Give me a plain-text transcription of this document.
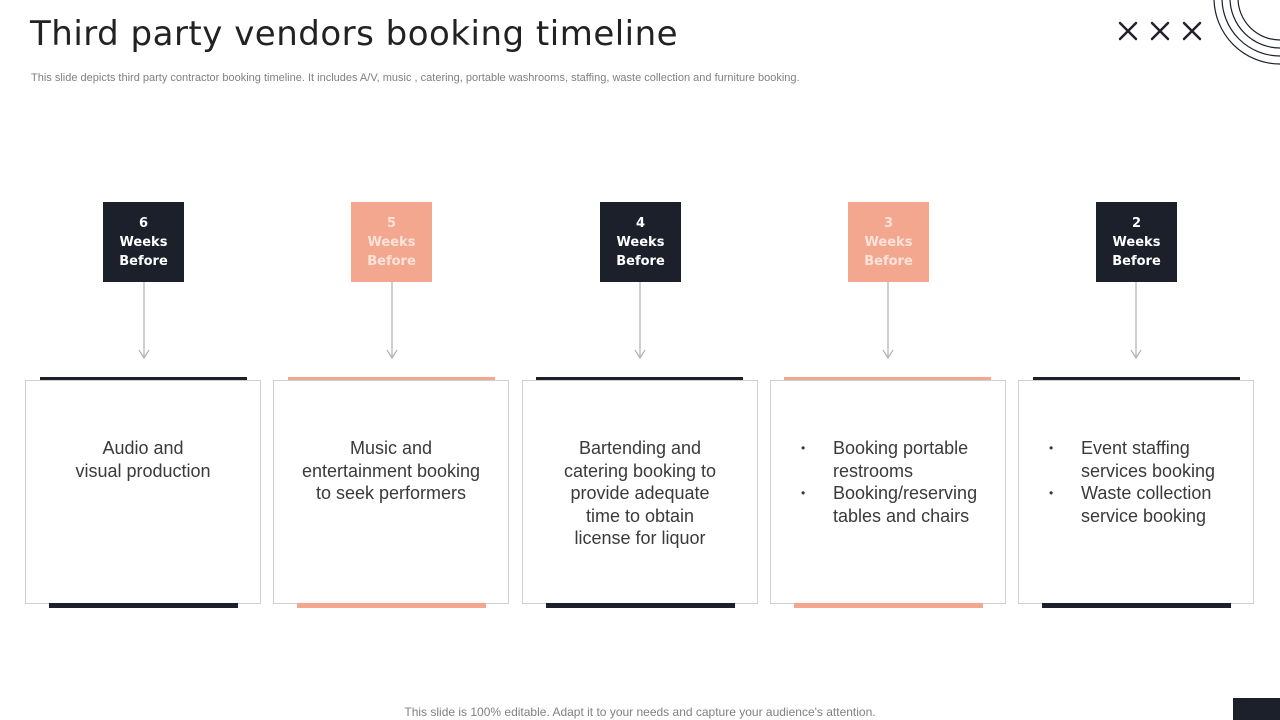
Third party vendors booking timeline

This slide depicts third party contractor booking timeline. It includes A/V, music , catering, portable washrooms, staffing, waste collection and furniture booking.

6
Weeks
Before
Audio and
visual production
5
Weeks
Before
Music and
entertainment booking
to seek performers
4
Weeks
Before
Bartending and
catering booking to
provide adequate
time to obtain
license for liquor
3
Weeks
Before
• Booking portable
restrooms
• Booking/reserving
tables and chairs
2
Weeks
Before
• Event staffing
services booking
• Waste collection
service booking
This slide is 100% editable. Adapt it to your needs and capture your audience's attention.
